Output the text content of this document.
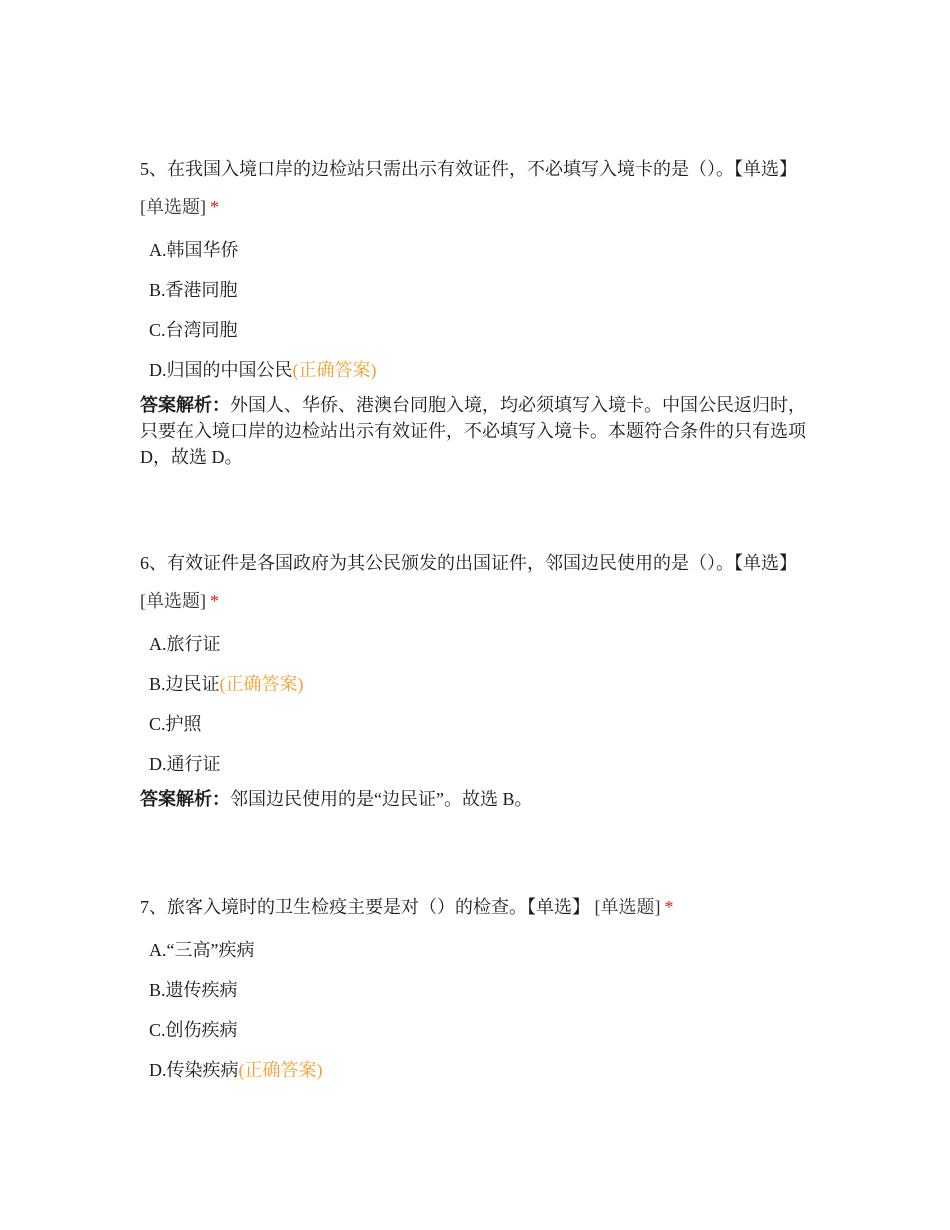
5、在我国入境口岸的边检站只需出示有效证件，不必填写入境卡的是（）。【单选】 [单选题] *

A.韩国华侨
B.香港同胞
C.台湾同胞
D.归国的中国公民(正确答案)
答案解析：外国人、华侨、港澳台同胞入境，均必须填写入境卡。中国公民返归时，只要在入境口岸的边检站出示有效证件，不必填写入境卡。本题符合条件的只有选项 D，故选 D。

6、有效证件是各国政府为其公民颁发的出国证件，邻国边民使用的是（）。【单选】 [单选题] *

A.旅行证
B.边民证(正确答案)
C.护照
D.通行证
答案解析：邻国边民使用的是“边民证”。故选 B。

7、旅客入境时的卫生检疫主要是对（）的检查。【单选】 [单选题] *

A.“三高”疾病
B.遗传疾病
C.创伤疾病
D.传染疾病(正确答案)
